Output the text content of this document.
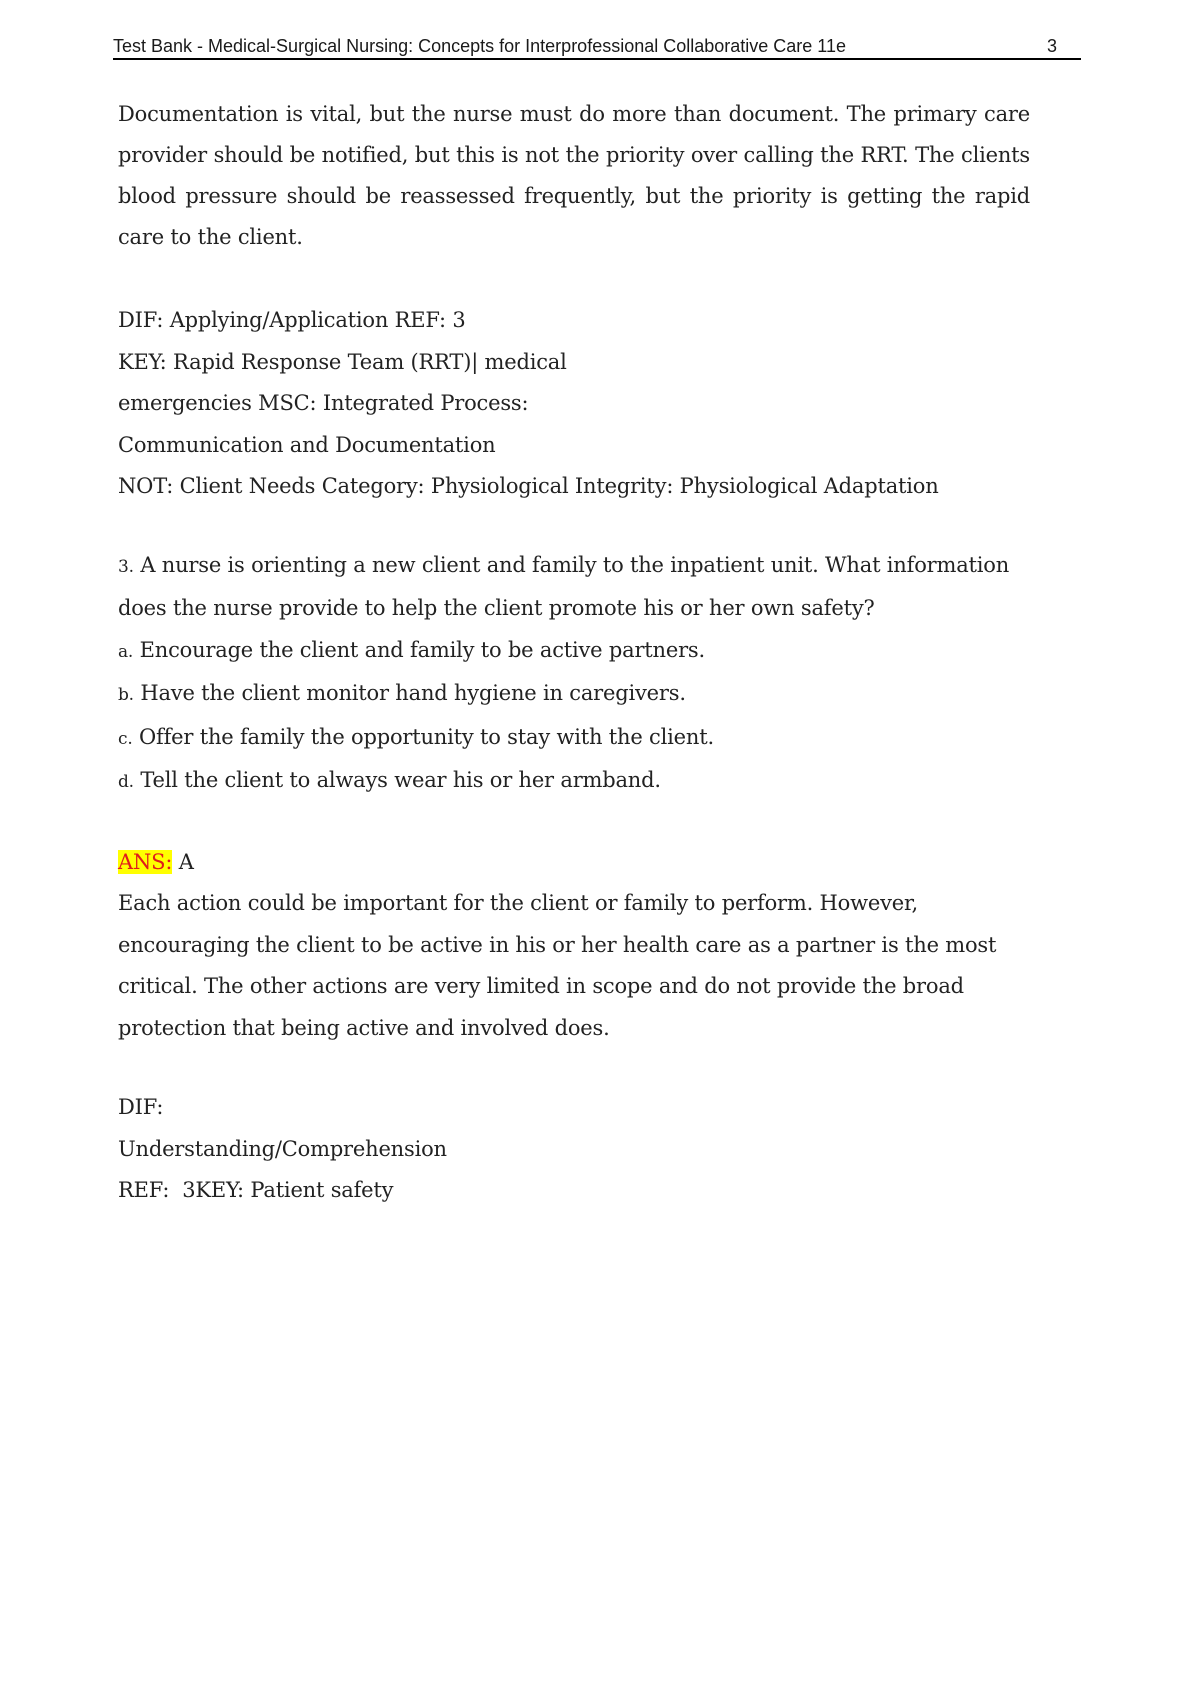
Test Bank - Medical-Surgical Nursing: Concepts for Interprofessional Collaborative Care 11e	3

Documentation is vital, but the nurse must do more than document. The primary care provider should be notified, but this is not the priority over calling the RRT. The clients blood pressure should be reassessed frequently, but the priority is getting the rapid care to the client.

DIF: Applying/Application REF: 3

KEY: Rapid Response Team (RRT)| medical

emergencies MSC: Integrated Process:

Communication and Documentation

NOT: Client Needs Category: Physiological Integrity: Physiological Adaptation

3. A nurse is orienting a new client and family to the inpatient unit. What information

does the nurse provide to help the client promote his or her own safety?

a. Encourage the client and family to be active partners.

b. Have the client monitor hand hygiene in caregivers.

c. Offer the family the opportunity to stay with the client.

d. Tell the client to always wear his or her armband.

ANS: A

Each action could be important for the client or family to perform. However,

encouraging the client to be active in his or her health care as a partner is the most

critical. The other actions are very limited in scope and do not provide the broad

protection that being active and involved does.

DIF:

Understanding/Comprehension

REF:  3KEY: Patient safety
